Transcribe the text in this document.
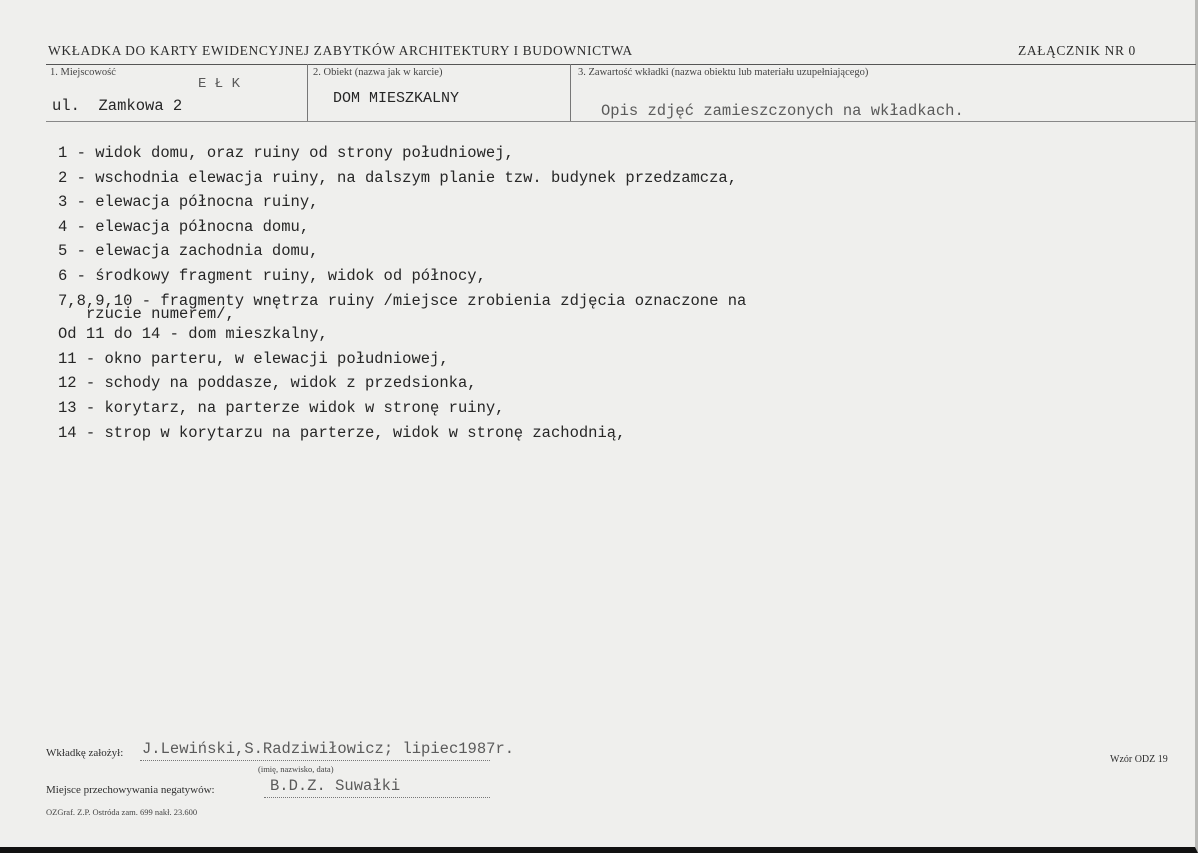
WKŁADKA DO KARTY EWIDENCYJNEJ ZABYTKÓW ARCHITEKTURY I BUDOWNICTWA	ZAŁĄCZNIK NR 0
1. Miejscowość
E Ł K
ul.  Zamkowa 2
2. Obiekt (nazwa jak w karcie)
DOM MIESZKALNY
3. Zawartość wkładki (nazwa obiektu lub materiału uzupełniającego)
Opis zdjęć zamieszczonych na wkładkach.
1 - widok domu, oraz ruiny od strony południowej,
2 - wschodnia elewacja ruiny, na dalszym planie tzw. budynek przedzamcza,
3 - elewacja północna ruiny,
4 - elewacja północna domu,
5 - elewacja zachodnia domu,
6 - środkowy fragment ruiny, widok od północy,
7,8,9,10 - fragmenty wnętrza ruiny /miejsce zrobienia zdjęcia oznaczone na
rzucie numerem/,
Od 11 do 14 - dom mieszkalny,
11 - okno parteru, w elewacji południowej,
12 - schody na poddasze, widok z przedsionka,
13 - korytarz, na parterze widok w stronę ruiny,
14 - strop w korytarzu na parterze, widok w stronę zachodnią,
Wkładkę założył: J.Lewiński,S.Radziwiłowicz; lipiec1987r.
(imię, nazwisko, data)
Miejsce przechowywania negatywów:	B.D.Z. Suwałki
OZGraf. Z.P. Ostróda zam. 699 nakł. 23.600
Wzór ODZ 19
